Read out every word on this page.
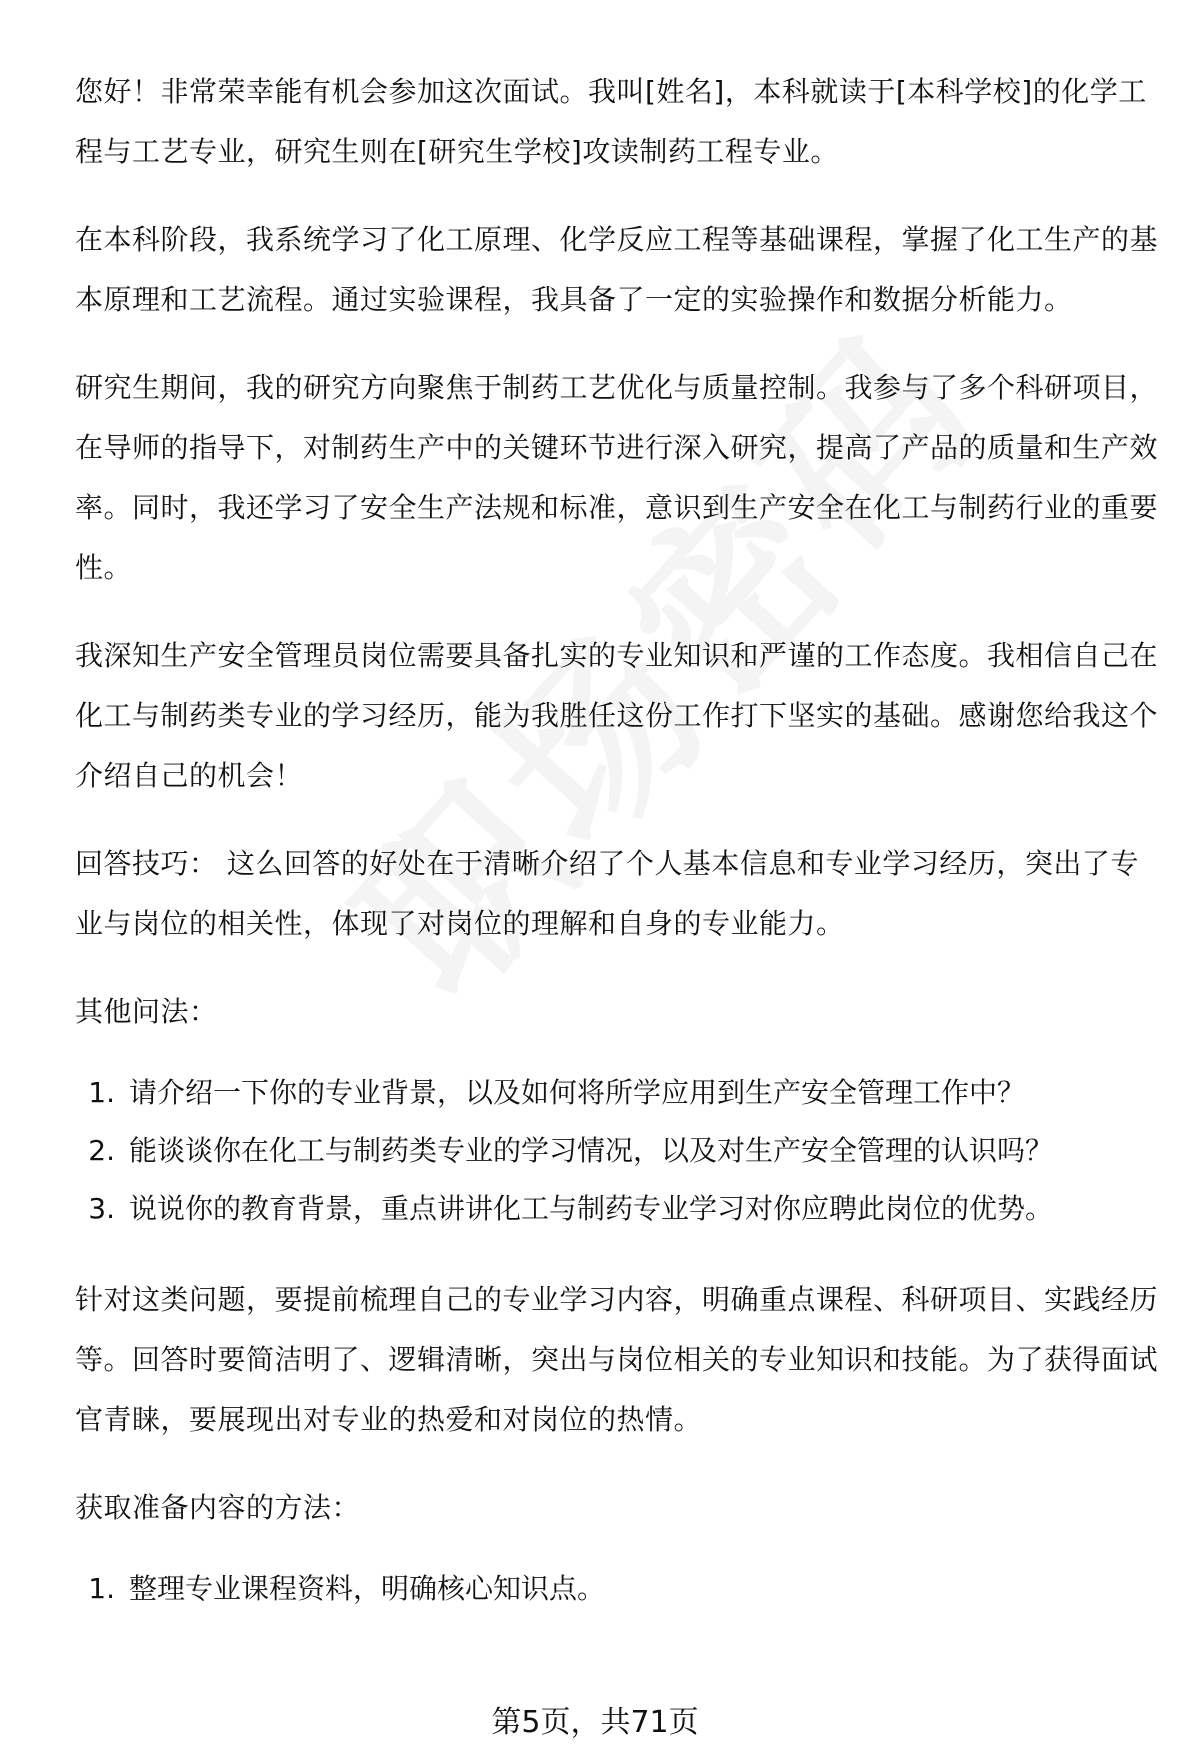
您好！非常荣幸能有机会参加这次面试。我叫[姓名]，本科就读于[本科学校]的化学工程与工艺专业，研究生则在[研究生学校]攻读制药工程专业。

在本科阶段，我系统学习了化工原理、化学反应工程等基础课程，掌握了化工生产的基本原理和工艺流程。通过实验课程，我具备了一定的实验操作和数据分析能力。

研究生期间，我的研究方向聚焦于制药工艺优化与质量控制。我参与了多个科研项目，在导师的指导下，对制药生产中的关键环节进行深入研究，提高了产品的质量和生产效率。同时，我还学习了安全生产法规和标准，意识到生产安全在化工与制药行业的重要性。

我深知生产安全管理员岗位需要具备扎实的专业知识和严谨的工作态度。我相信自己在化工与制药类专业的学习经历，能为我胜任这份工作打下坚实的基础。感谢您给我这个介绍自己的机会！

回答技巧： 这么回答的好处在于清晰介绍了个人基本信息和专业学习经历，突出了专业与岗位的相关性，体现了对岗位的理解和自身的专业能力。

其他问法：

1. 请介绍一下你的专业背景，以及如何将所学应用到生产安全管理工作中？
2. 能谈谈你在化工与制药类专业的学习情况，以及对生产安全管理的认识吗？
3. 说说你的教育背景，重点讲讲化工与制药专业学习对你应聘此岗位的优势。

针对这类问题，要提前梳理自己的专业学习内容，明确重点课程、科研项目、实践经历等。回答时要简洁明了、逻辑清晰，突出与岗位相关的专业知识和技能。为了获得面试官青睐，要展现出对专业的热爱和对岗位的热情。

获取准备内容的方法：

1. 整理专业课程资料，明确核心知识点。
第5页，共71页
